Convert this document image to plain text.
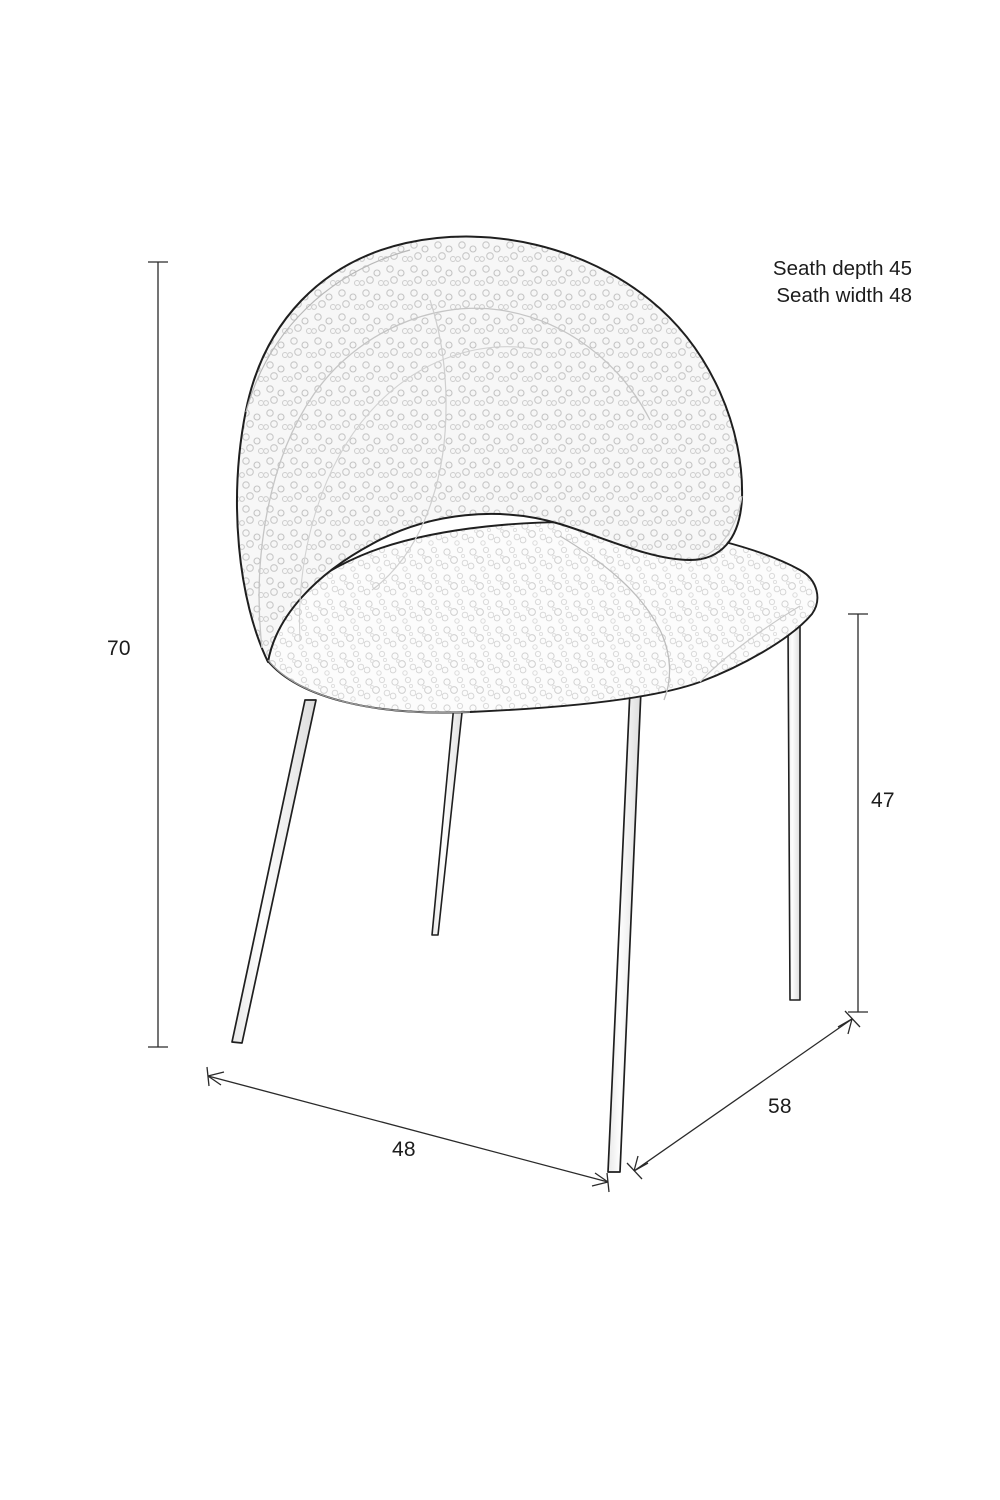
Seath depth 45
Seath width 48
70
47
48
58
